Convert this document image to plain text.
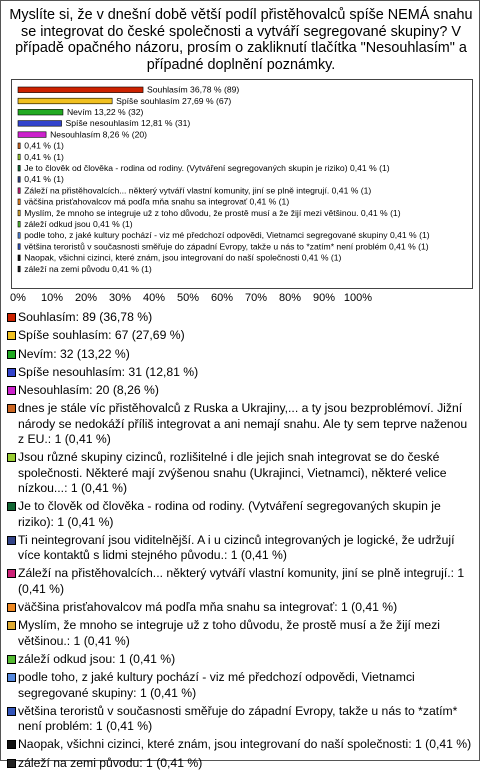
Myslíte si, že v dnešní době větší podíl přistěhovalců spíše NEMÁ snahu se integrovat do české společnosti a vytváří segregované skupiny? V případě opačného názoru, prosím o zakliknutí tlačítka "Nesouhlasím" a případné doplnění poznámky.
Souhlasím 36,78 % (89)
Spíše souhlasím 27,69 % (67)
Nevím 13,22 % (32)
Spíše nesouhlasím 12,81 % (31)
Nesouhlasím 8,26 % (20)
0,41 % (1)
0,41 % (1)
Je to člověk od člověka - rodina od rodiny. (Vytváření segregovaných skupin je riziko) 0,41 % (1)
0,41 % (1)
Záleží na přistěhovalcích... některý vytváří vlastní komunity, jiní se plně integrují. 0,41 % (1)
väčšina prisťahovalcov má podľa mňa snahu sa integrovať 0,41 % (1)
Myslím, že mnoho se integruje už z toho důvodu, že prostě musí a že žijí mezi většinou. 0,41 % (1)
záleží odkud jsou 0,41 % (1)
podle toho, z jaké kultury pochází - viz mé předchozí odpovědi, Vietnamci segregované skupiny 0,41 % (1)
většina teroristů v současnosti směřuje do západní Evropy, takže u nás to *zatím* není problém 0,41 % (1)
Naopak, všichni cizinci, které znám, jsou integrovaní do naší společnosti 0,41 % (1)
záleží na zemi původu 0,41 % (1)
0% 10% 20% 30% 40% 50% 60% 70% 80% 90% 100%
Souhlasím: 89 (36,78 %)
Spíše souhlasím: 67 (27,69 %)
Nevím: 32 (13,22 %)
Spíše nesouhlasím: 31 (12,81 %)
Nesouhlasím: 20 (8,26 %)
dnes je stále víc přistěhovalců z Ruska a Ukrajiny,... a ty jsou bezproblémoví. Jižní národy se nedokáží příliš integrovat a ani nemají snahu. Ale ty sem teprve naženou z EU.: 1 (0,41 %)
Jsou různé skupiny cizinců, rozlišitelné i dle jejich snah integrovat se do české společnosti. Některé mají zvýšenou snahu (Ukrajinci, Vietnamci), některé velice nízkou...: 1 (0,41 %)
Je to člověk od člověka - rodina od rodiny. (Vytváření segregovaných skupin je riziko): 1 (0,41 %)
Ti neintegrovaní jsou viditelnější. A i u cizinců integrovaných je logické, že udržují více kontaktů s lidmi stejného původu.: 1 (0,41 %)
Záleží na přistěhovalcích... některý vytváří vlastní komunity, jiní se plně integrují.: 1 (0,41 %)
väčšina prisťahovalcov má podľa mňa snahu sa integrovať: 1 (0,41 %)
Myslím, že mnoho se integruje už z toho důvodu, že prostě musí a že žijí mezi většinou.: 1 (0,41 %)
záleží odkud jsou: 1 (0,41 %)
podle toho, z jaké kultury pochází - viz mé předchozí odpovědi, Vietnamci segregované skupiny: 1 (0,41 %)
většina teroristů v současnosti směřuje do západní Evropy, takže u nás to *zatím* není problém: 1 (0,41 %)
Naopak, všichni cizinci, které znám, jsou integrovaní do naší společnosti: 1 (0,41 %)
záleží na zemi původu: 1 (0,41 %)
